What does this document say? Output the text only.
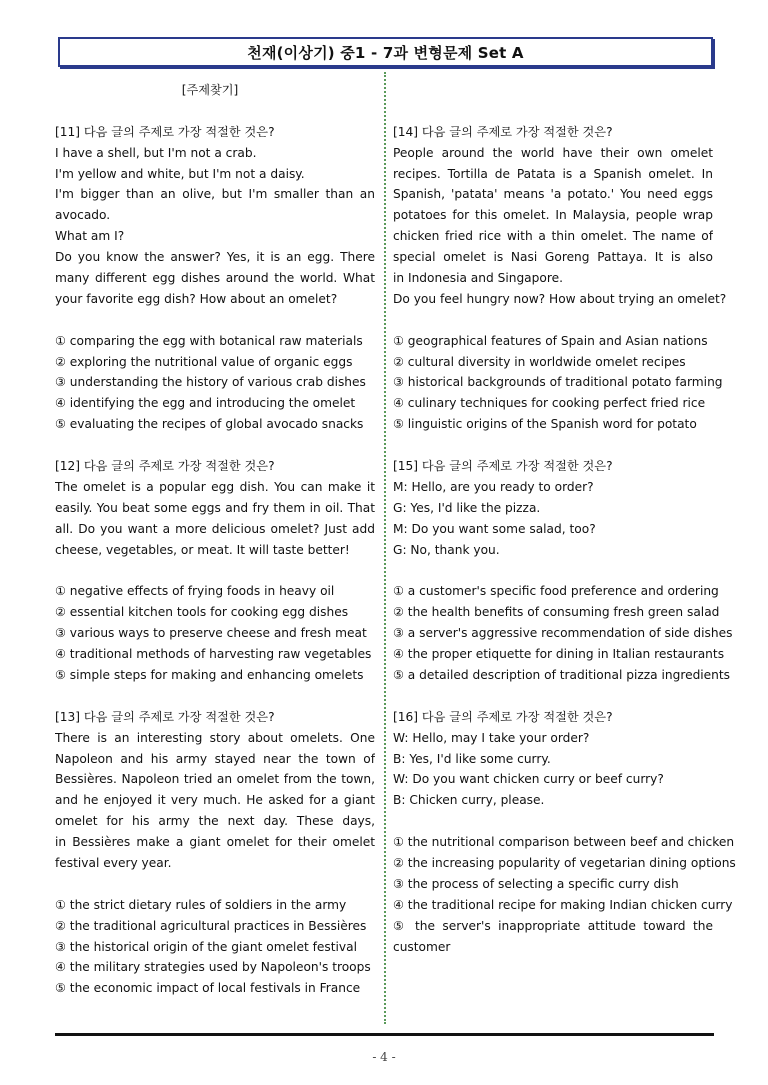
천재(이상기) 중1 - 7과 변형문제 Set A
[주제찾기]
[11] 다음 글의 주제로 가장 적절한 것은?
I have a shell, but I'm not a crab.
I'm yellow and white, but I'm not a daisy.
I'm bigger than an olive, but I'm smaller than an
avocado.
What am I?
Do you know the answer? Yes, it is an egg. There
many different egg dishes around the world. What
your favorite egg dish? How about an omelet?
① comparing the egg with botanical raw materials
② exploring the nutritional value of organic eggs
③ understanding the history of various crab dishes
④ identifying the egg and introducing the omelet
⑤ evaluating the recipes of global avocado snacks
[12] 다음 글의 주제로 가장 적절한 것은?
The omelet is a popular egg dish. You can make it
easily. You beat some eggs and fry them in oil. That
all. Do you want a more delicious omelet? Just add
cheese, vegetables, or meat. It will taste better!
① negative effects of frying foods in heavy oil
② essential kitchen tools for cooking egg dishes
③ various ways to preserve cheese and fresh meat
④ traditional methods of harvesting raw vegetables
⑤ simple steps for making and enhancing omelets
[13] 다음 글의 주제로 가장 적절한 것은?
There is an interesting story about omelets. One
Napoleon and his army stayed near the town of
Bessières. Napoleon tried an omelet from the town,
and he enjoyed it very much. He asked for a giant
omelet for his army the next day. These days,
in Bessières make a giant omelet for their omelet
festival every year.
① the strict dietary rules of soldiers in the army
② the traditional agricultural practices in Bessières
③ the historical origin of the giant omelet festival
④ the military strategies used by Napoleon's troops
⑤ the economic impact of local festivals in France
[14] 다음 글의 주제로 가장 적절한 것은?
People around the world have their own omelet
recipes. Tortilla de Patata is a Spanish omelet. In
Spanish, 'patata' means 'a potato.' You need eggs
potatoes for this omelet. In Malaysia, people wrap
chicken fried rice with a thin omelet. The name of
special omelet is Nasi Goreng Pattaya. It is also
in Indonesia and Singapore.
Do you feel hungry now? How about trying an omelet?
① geographical features of Spain and Asian nations
② cultural diversity in worldwide omelet recipes
③ historical backgrounds of traditional potato farming
④ culinary techniques for cooking perfect fried rice
⑤ linguistic origins of the Spanish word for potato
[15] 다음 글의 주제로 가장 적절한 것은?
M: Hello, are you ready to order?
G: Yes, I'd like the pizza.
M: Do you want some salad, too?
G: No, thank you.
① a customer's specific food preference and ordering
② the health benefits of consuming fresh green salad
③ a server's aggressive recommendation of side dishes
④ the proper etiquette for dining in Italian restaurants
⑤ a detailed description of traditional pizza ingredients
[16] 다음 글의 주제로 가장 적절한 것은?
W: Hello, may I take your order?
B: Yes, I'd like some curry.
W: Do you want chicken curry or beef curry?
B: Chicken curry, please.
① the nutritional comparison between beef and chicken
② the increasing popularity of vegetarian dining options
③ the process of selecting a specific curry dish
④ the traditional recipe for making Indian chicken curry
⑤ the server's inappropriate attitude toward the
customer
- 4 -
